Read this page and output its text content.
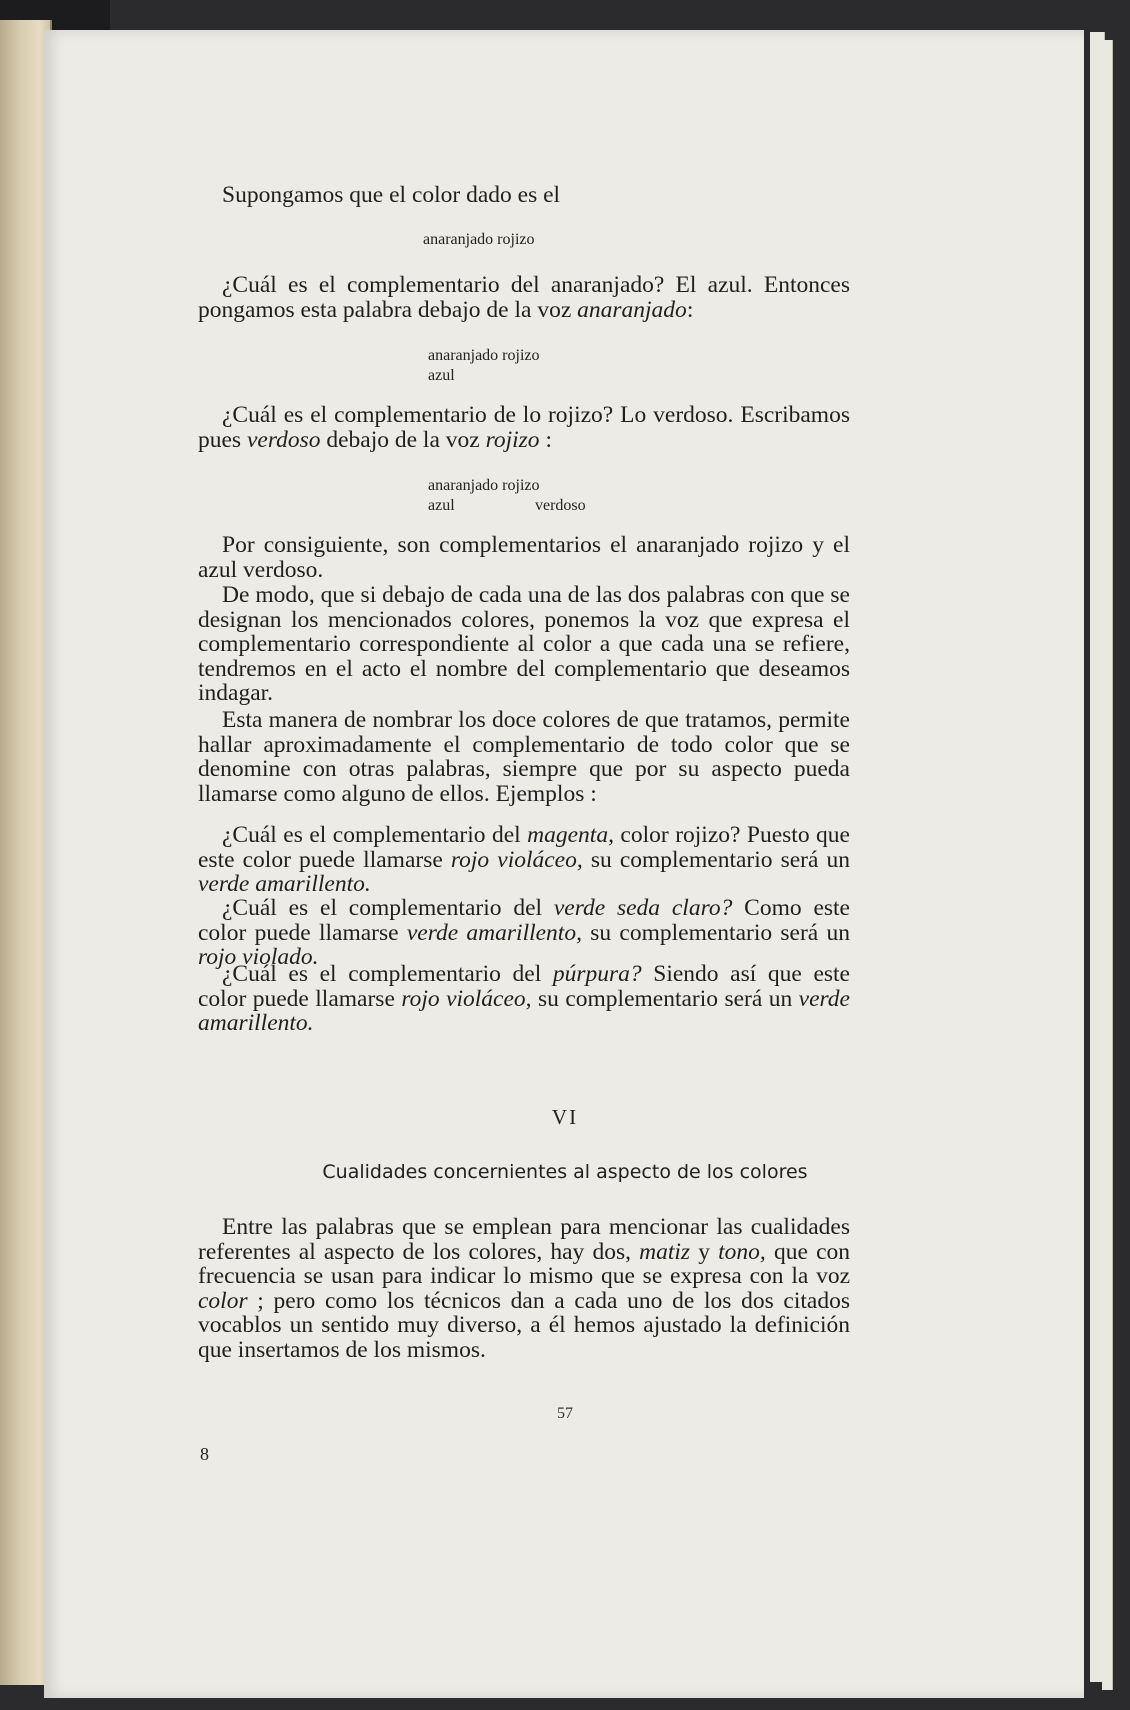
Supongamos que el color dado es el
anaranjado rojizo
¿Cuál es el complementario del anaranjado? El azul. Entonces pongamos esta palabra debajo de la voz anaranjado:
anaranjado rojizo
azul
¿Cuál es el complementario de lo rojizo? Lo verdoso. Escribamos pues verdoso debajo de la voz rojizo :
anaranjado rojizo
azul	verdoso
Por consiguiente, son complementarios el anaranjado rojizo y el azul verdoso.
De modo, que si debajo de cada una de las dos palabras con que se designan los mencionados colores, ponemos la voz que expresa el complementario correspondiente al color a que cada una se refiere, tendremos en el acto el nombre del complementario que deseamos indagar.
Esta manera de nombrar los doce colores de que tratamos, permite hallar aproximadamente el complementario de todo color que se denomine con otras palabras, siempre que por su aspecto pueda llamarse como alguno de ellos. Ejemplos :
¿Cuál es el complementario del magenta, color rojizo? Puesto que este color puede llamarse rojo violáceo, su complementario será un verde amarillento.
¿Cuál es el complementario del verde seda claro? Como este color puede llamarse verde amarillento, su complementario será un rojo violado.
¿Cuál es el complementario del púrpura? Siendo así que este color puede llamarse rojo violáceo, su complementario será un verde amarillento.
VI
Cualidades concernientes al aspecto de los colores
Entre las palabras que se emplean para mencionar las cualidades referentes al aspecto de los colores, hay dos, matiz y tono, que con frecuencia se usan para indicar lo mismo que se expresa con la voz color ; pero como los técnicos dan a cada uno de los dos citados vocablos un sentido muy diverso, a él hemos ajustado la definición que insertamos de los mismos.
57
8
